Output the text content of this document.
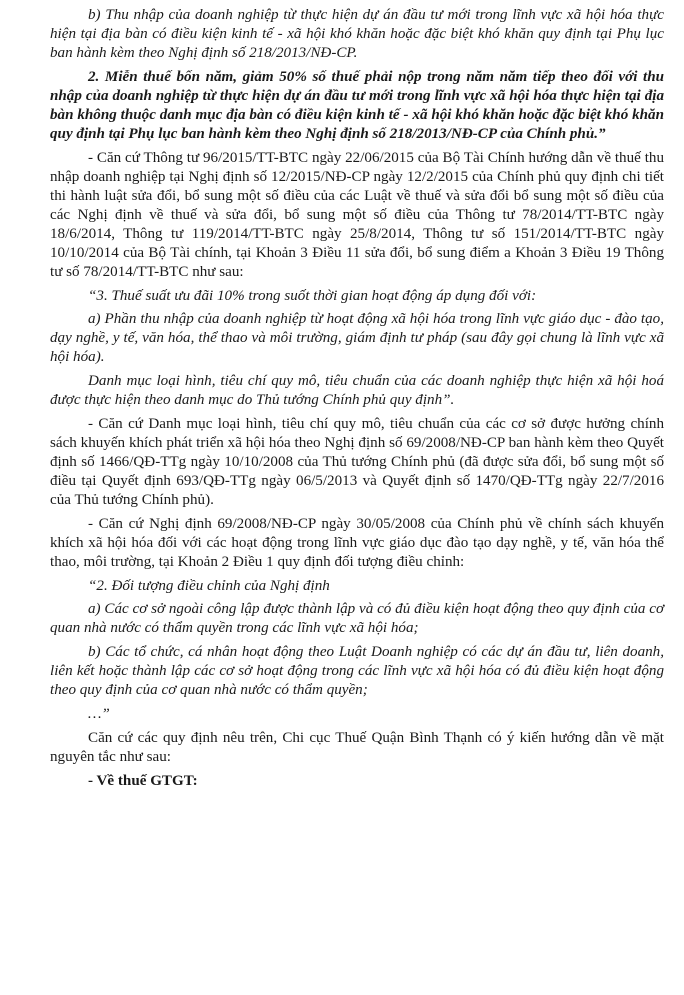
b) Thu nhập của doanh nghiệp từ thực hiện dự án đầu tư mới trong lĩnh vực xã hội hóa thực hiện tại địa bàn có điều kiện kinh tế - xã hội khó khăn hoặc đặc biệt khó khăn quy định tại Phụ lục ban hành kèm theo Nghị định số 218/2013/NĐ-CP.

2. Miễn thuế bốn năm, giảm 50% số thuế phải nộp trong năm năm tiếp theo đối với thu nhập của doanh nghiệp từ thực hiện dự án đầu tư mới trong lĩnh vực xã hội hóa thực hiện tại địa bàn không thuộc danh mục địa bàn có điều kiện kinh tế - xã hội khó khăn hoặc đặc biệt khó khăn quy định tại Phụ lục ban hành kèm theo Nghị định số 218/2013/NĐ-CP của Chính phủ.”

- Căn cứ Thông tư 96/2015/TT-BTC ngày 22/06/2015 của Bộ Tài Chính hướng dẫn về thuế thu nhập doanh nghiệp tại Nghị định số 12/2015/NĐ-CP ngày 12/2/2015 của Chính phủ quy định chi tiết thi hành luật sửa đổi, bổ sung một số điều của các Luật về thuế và sửa đổi bổ sung một số điều của các Nghị định về thuế và sửa đổi, bổ sung một số điều của Thông tư 78/2014/TT-BTC ngày 18/6/2014, Thông tư 119/2014/TT-BTC ngày 25/8/2014, Thông tư số 151/2014/TT-BTC ngày 10/10/2014 của Bộ Tài chính, tại Khoản 3 Điều 11 sửa đổi, bổ sung điểm a Khoản 3 Điều 19 Thông tư số 78/2014/TT-BTC như sau:

“3. Thuế suất ưu đãi 10% trong suốt thời gian hoạt động áp dụng đối với:

a) Phần thu nhập của doanh nghiệp từ hoạt động xã hội hóa trong lĩnh vực giáo dục - đào tạo, dạy nghề, y tế, văn hóa, thể thao và môi trường, giám định tư pháp (sau đây gọi chung là lĩnh vực xã hội hóa).

Danh mục loại hình, tiêu chí quy mô, tiêu chuẩn của các doanh nghiệp thực hiện xã hội hoá được thực hiện theo danh mục do Thủ tướng Chính phủ quy định”.

- Căn cứ Danh mục loại hình, tiêu chí quy mô, tiêu chuẩn của các cơ sở được hưởng chính sách khuyến khích phát triển xã hội hóa theo Nghị định số 69/2008/NĐ-CP ban hành kèm theo Quyết định số 1466/QĐ-TTg ngày 10/10/2008 của Thủ tướng Chính phủ (đã được sửa đổi, bổ sung một số điều tại Quyết định 693/QĐ-TTg ngày 06/5/2013 và Quyết định số 1470/QĐ-TTg ngày 22/7/2016 của Thủ tướng Chính phủ).

- Căn cứ Nghị định 69/2008/NĐ-CP ngày 30/05/2008 của Chính phủ về chính sách khuyến khích xã hội hóa đối với các hoạt động trong lĩnh vực giáo dục đào tạo dạy nghề, y tế, văn hóa thể thao, môi trường, tại Khoản 2 Điều 1 quy định đối tượng điều chỉnh:

“2. Đối tượng điều chỉnh của Nghị định

a) Các cơ sở ngoài công lập được thành lập và có đủ điều kiện hoạt động theo quy định của cơ quan nhà nước có thẩm quyền trong các lĩnh vực xã hội hóa;

b) Các tổ chức, cá nhân hoạt động theo Luật Doanh nghiệp có các dự án đầu tư, liên doanh, liên kết hoặc thành lập các cơ sở hoạt động trong các lĩnh vực xã hội hóa có đủ điều kiện hoạt động theo quy định của cơ quan nhà nước có thẩm quyền;

…”

Căn cứ các quy định nêu trên, Chi cục Thuế Quận Bình Thạnh có ý kiến hướng dẫn về mặt nguyên tắc như sau:

- Về thuế GTGT:
